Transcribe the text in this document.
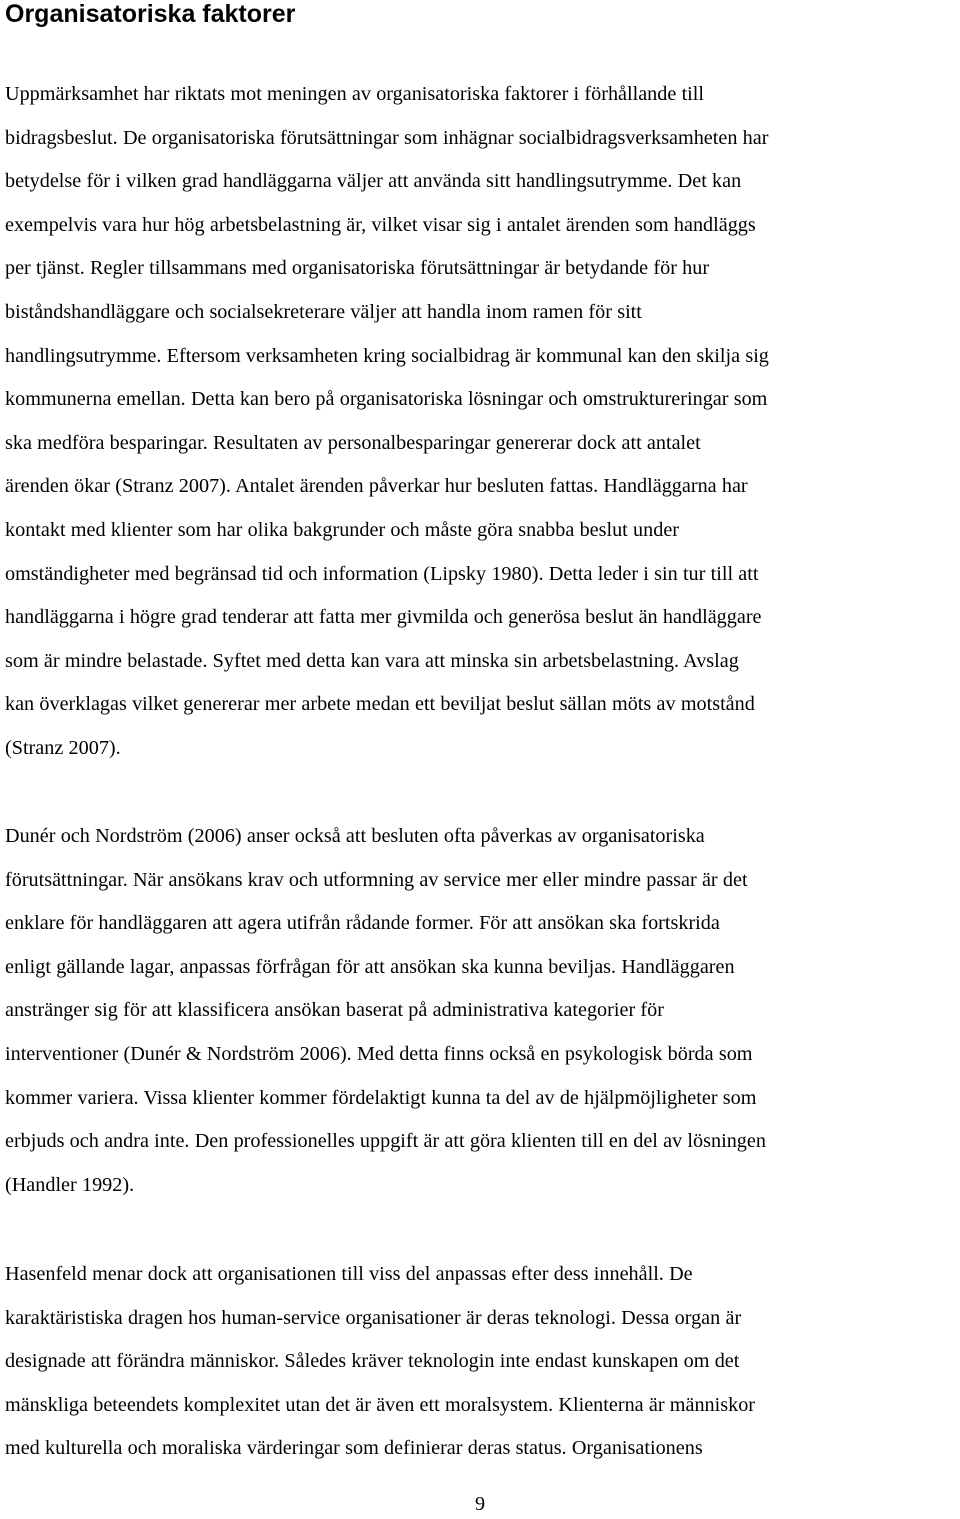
Organisatoriska faktorer
Uppmärksamhet har riktats mot meningen av organisatoriska faktorer i förhållande till
bidragsbeslut. De organisatoriska förutsättningar som inhägnar socialbidragsverksamheten har
betydelse för i vilken grad handläggarna väljer att använda sitt handlingsutrymme. Det kan
exempelvis vara hur hög arbetsbelastning är, vilket visar sig i antalet ärenden som handläggs
per tjänst. Regler tillsammans med organisatoriska förutsättningar är betydande för hur
biståndshandläggare och socialsekreterare väljer att handla inom ramen för sitt
handlingsutrymme. Eftersom verksamheten kring socialbidrag är kommunal kan den skilja sig
kommunerna emellan. Detta kan bero på organisatoriska lösningar och omstruktureringar som
ska medföra besparingar. Resultaten av personalbesparingar genererar dock att antalet
ärenden ökar (Stranz 2007). Antalet ärenden påverkar hur besluten fattas. Handläggarna har
kontakt med klienter som har olika bakgrunder och måste göra snabba beslut under
omständigheter med begränsad tid och information (Lipsky 1980). Detta leder i sin tur till att
handläggarna i högre grad tenderar att fatta mer givmilda och generösa beslut än handläggare
som är mindre belastade. Syftet med detta kan vara att minska sin arbetsbelastning. Avslag
kan överklagas vilket genererar mer arbete medan ett beviljat beslut sällan möts av motstånd
(Stranz 2007).
Dunér och Nordström (2006) anser också att besluten ofta påverkas av organisatoriska
förutsättningar. När ansökans krav och utformning av service mer eller mindre passar är det
enklare för handläggaren att agera utifrån rådande former. För att ansökan ska fortskrida
enligt gällande lagar, anpassas förfrågan för att ansökan ska kunna beviljas. Handläggaren
anstränger sig för att klassificera ansökan baserat på administrativa kategorier för
interventioner (Dunér & Nordström 2006). Med detta finns också en psykologisk börda som
kommer variera. Vissa klienter kommer fördelaktigt kunna ta del av de hjälpmöjligheter som
erbjuds och andra inte. Den professionelles uppgift är att göra klienten till en del av lösningen
(Handler 1992).
Hasenfeld menar dock att organisationen till viss del anpassas efter dess innehåll. De
karaktäristiska dragen hos human-service organisationer är deras teknologi. Dessa organ är
designade att förändra människor. Således kräver teknologin inte endast kunskapen om det
mänskliga beteendets komplexitet utan det är även ett moralsystem. Klienterna är människor
med kulturella och moraliska värderingar som definierar deras status. Organisationens
9
